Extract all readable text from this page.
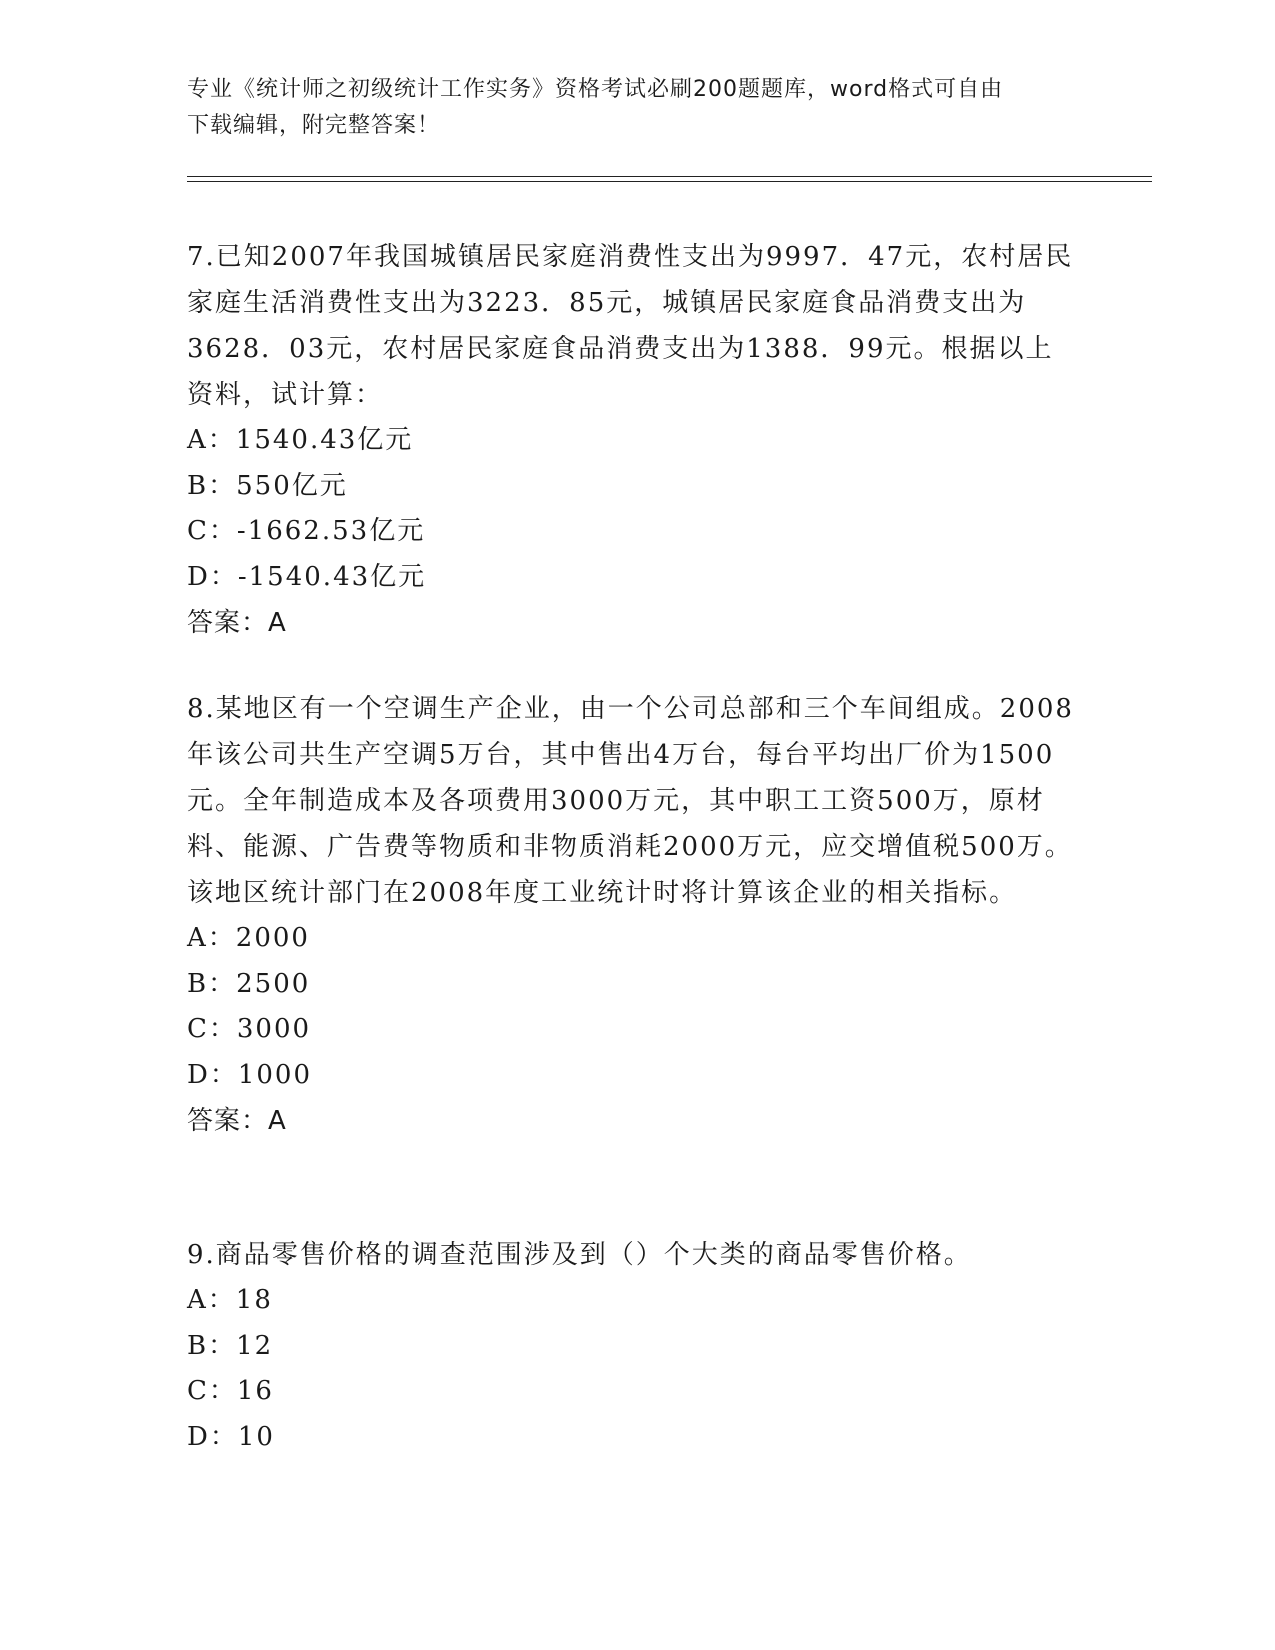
专业《统计师之初级统计工作实务》资格考试必刷200题题库，word格式可自由
下载编辑，附完整答案！

7.已知2007年我国城镇居民家庭消费性支出为9997．47元，农村居民家庭生活消费性支出为3223．85元，城镇居民家庭食品消费支出为3628．03元，农村居民家庭食品消费支出为1388．99元。根据以上资料，试计算：

A：1540.43亿元

B：550亿元

C：-1662.53亿元

D：-1540.43亿元

答案：A

8.某地区有一个空调生产企业，由一个公司总部和三个车间组成。2008年该公司共生产空调5万台，其中售出4万台，每台平均出厂价为1500元。全年制造成本及各项费用3000万元，其中职工工资500万，原材料、能源、广告费等物质和非物质消耗2000万元，应交增值税500万。该地区统计部门在2008年度工业统计时将计算该企业的相关指标。

A：2000

B：2500

C：3000

D：1000

答案：A

9.商品零售价格的调查范围涉及到（）个大类的商品零售价格。

A：18

B：12

C：16

D：10
